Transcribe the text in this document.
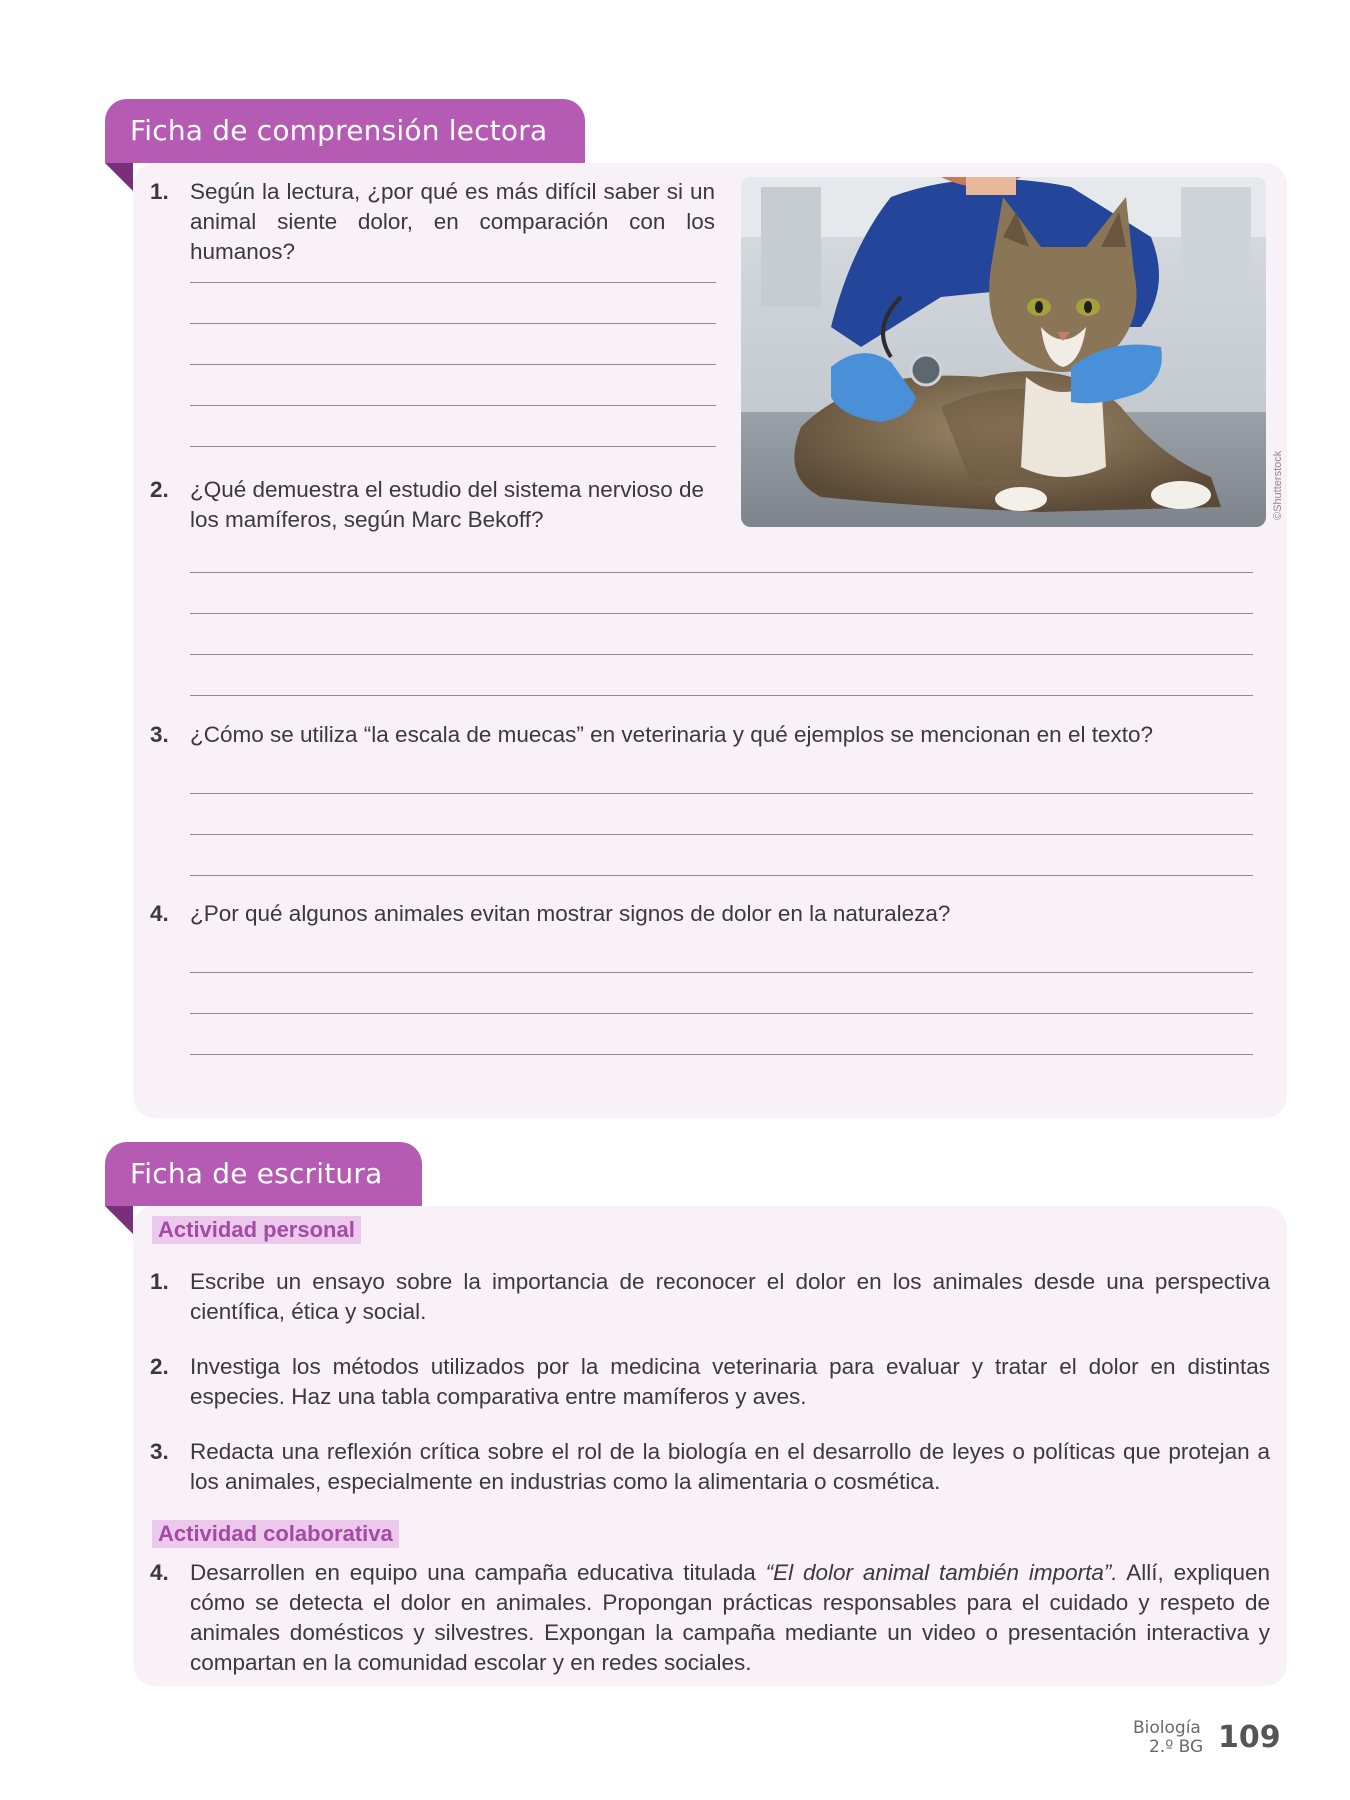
Ficha de comprensión lectora
©Shutterstock
1. Según la lectura, ¿por qué es más difícil saber si un animal siente dolor, en comparación con los humanos?
2. ¿Qué demuestra el estudio del sistema nervioso de los mamíferos, según Marc Bekoff?
3. ¿Cómo se utiliza “la escala de muecas” en veterinaria y qué ejemplos se mencionan en el texto?
4. ¿Por qué algunos animales evitan mostrar signos de dolor en la naturaleza?
Ficha de escritura
Actividad personal
1. Escribe un ensayo sobre la importancia de reconocer el dolor en los animales desde una perspectiva científica, ética y social.
2. Investiga los métodos utilizados por la medicina veterinaria para evaluar y tratar el dolor en distintas especies. Haz una tabla comparativa entre mamíferos y aves.
3. Redacta una reflexión crítica sobre el rol de la biología en el desarrollo de leyes o políticas que protejan a los animales, especialmente en industrias como la alimentaria o cosmética.
Actividad colaborativa
4. Desarrollen en equipo una campaña educativa titulada “El dolor animal también importa”. Allí, expliquen cómo se detecta el dolor en animales. Propongan prácticas responsables para el cuidado y respeto de animales domésticos y silvestres. Expongan la campaña mediante un video o presentación interactiva y compartan en la comunidad escolar y en redes sociales.
Biología
2.º BG 109
